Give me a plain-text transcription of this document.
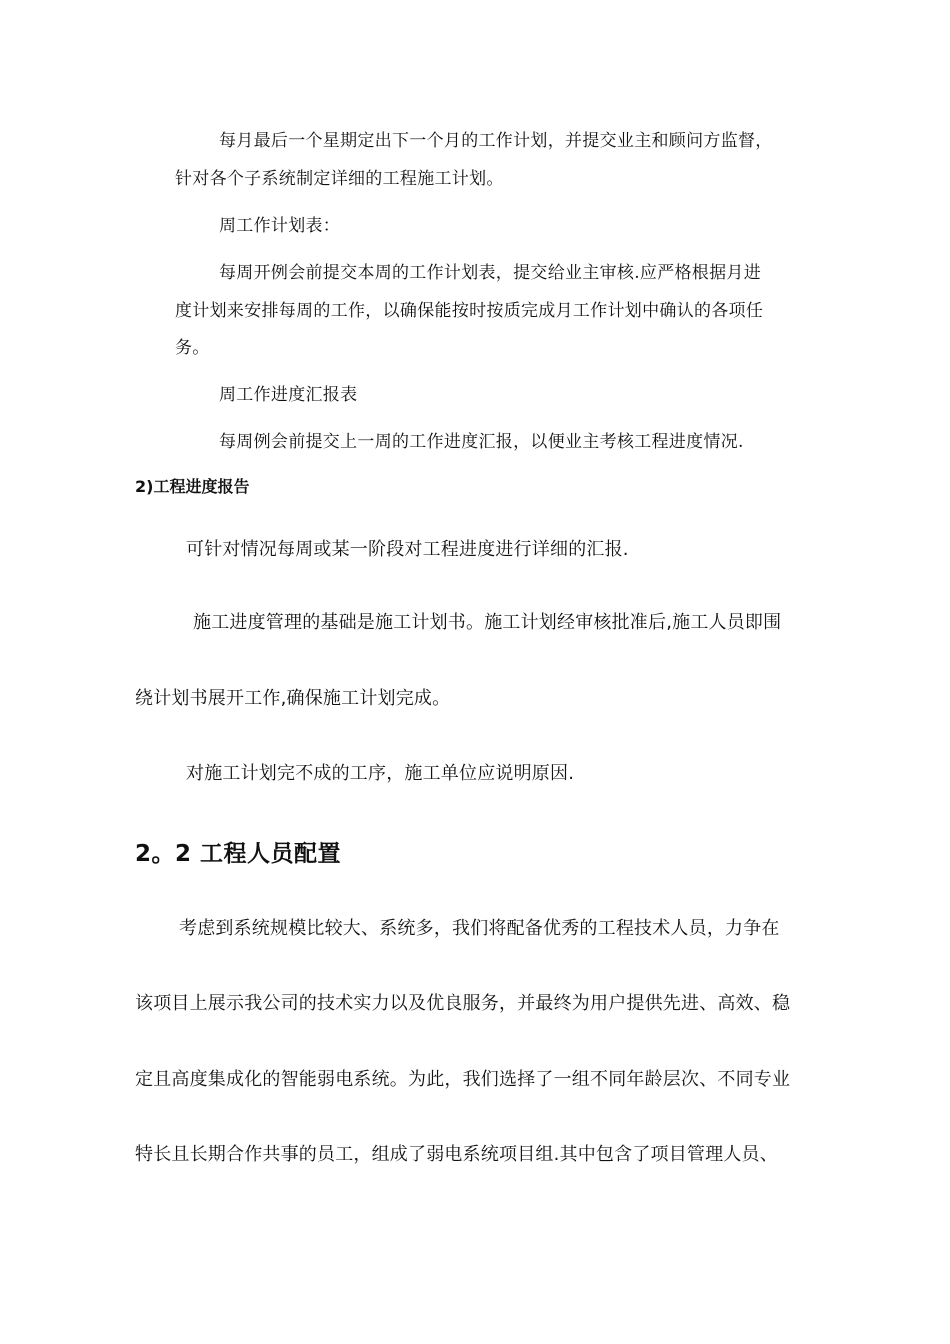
每月最后一个星期定出下一个月的工作计划，并提交业主和顾问方监督，
针对各个子系统制定详细的工程施工计划。
周工作计划表：
每周开例会前提交本周的工作计划表，提交给业主审核.应严格根据月进
度计划来安排每周的工作，以确保能按时按质完成月工作计划中确认的各项任
务。
周工作进度汇报表
每周例会前提交上一周的工作进度汇报，以便业主考核工程进度情况.
2)工程进度报告
可针对情况每周或某一阶段对工程进度进行详细的汇报.
施工进度管理的基础是施工计划书。施工计划经审核批准后,施工人员即围
绕计划书展开工作,确保施工计划完成。
对施工计划完不成的工序，施工单位应说明原因.
2。2 工程人员配置
考虑到系统规模比较大、系统多，我们将配备优秀的工程技术人员，力争在
该项目上展示我公司的技术实力以及优良服务，并最终为用户提供先进、高效、稳
定且高度集成化的智能弱电系统。为此，我们选择了一组不同年龄层次、不同专业
特长且长期合作共事的员工，组成了弱电系统项目组.其中包含了项目管理人员、
